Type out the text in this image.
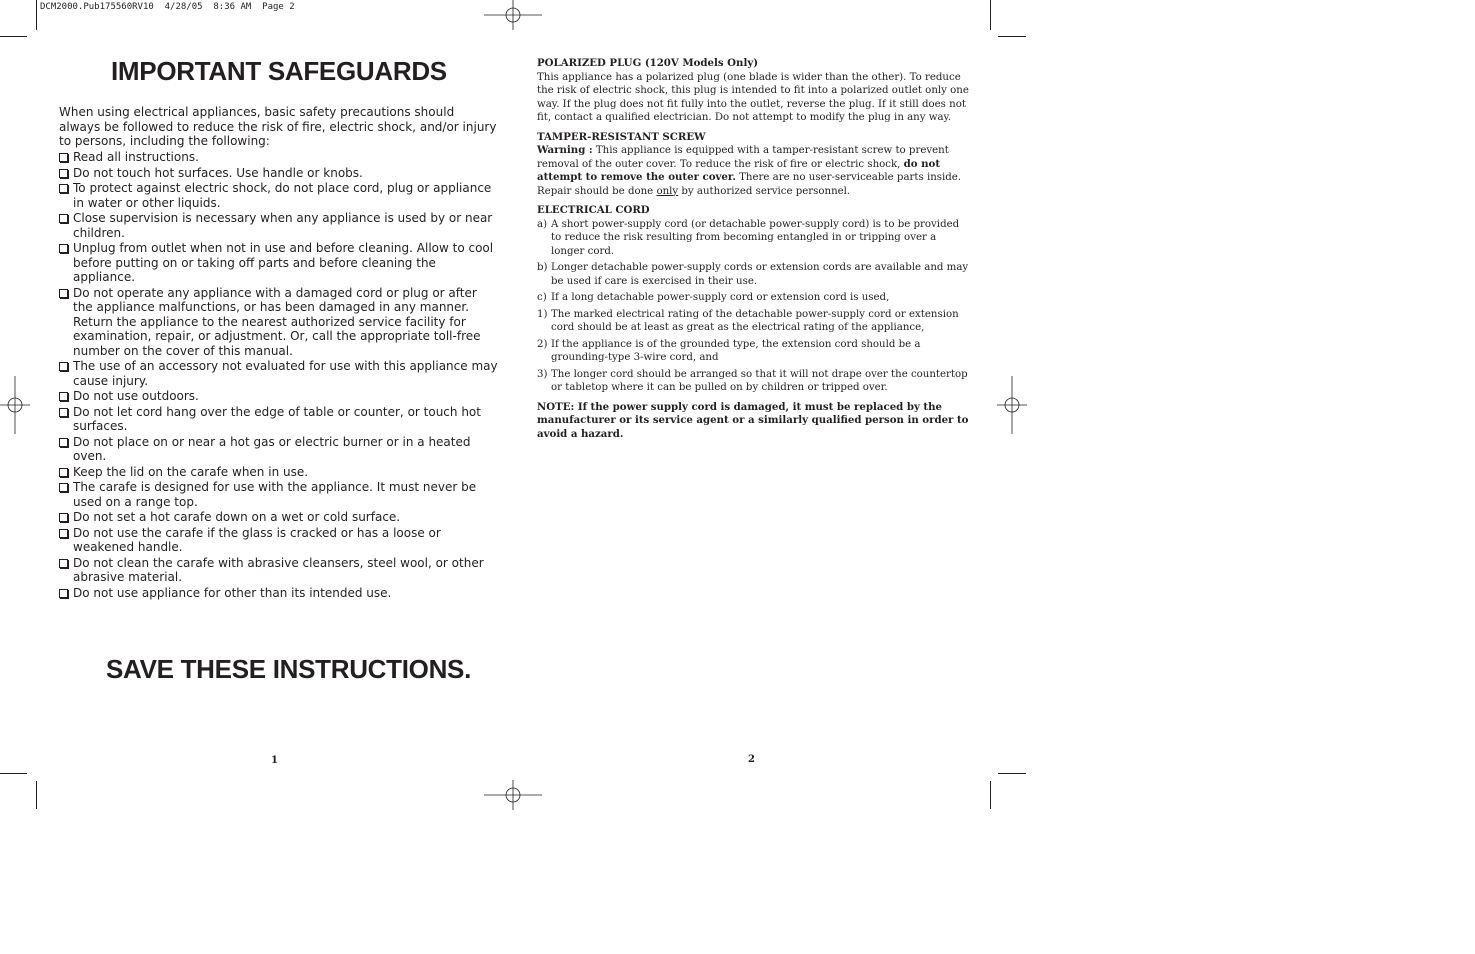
DCM2000.Pub175560RV10  4/28/05  8:36 AM  Page 2
IMPORTANT SAFEGUARDS
When using electrical appliances, basic safety precautions should always be followed to reduce the risk of fire, electric shock, and/or injury to persons, including the following:
Read all instructions.
Do not touch hot surfaces. Use handle or knobs.
To protect against electric shock, do not place cord, plug or appliance in water or other liquids.
Close supervision is necessary when any appliance is used by or near children.
Unplug from outlet when not in use and before cleaning. Allow to cool before putting on or taking off parts and before cleaning the appliance.
Do not operate any appliance with a damaged cord or plug or after the appliance malfunctions, or has been damaged in any manner. Return the appliance to the nearest authorized service facility for examination, repair, or adjustment. Or, call the appropriate toll-free number on the cover of this manual.
The use of an accessory not evaluated for use with this appliance may cause injury.
Do not use outdoors.
Do not let cord hang over the edge of table or counter, or touch hot surfaces.
Do not place on or near a hot gas or electric burner or in a heated oven.
Keep the lid on the carafe when in use.
The carafe is designed for use with the appliance. It must never be used on a range top.
Do not set a hot carafe down on a wet or cold surface.
Do not use the carafe if the glass is cracked or has a loose or weakened handle.
Do not clean the carafe with abrasive cleansers, steel wool, or other abrasive material.
Do not use appliance for other than its intended use.
SAVE THESE INSTRUCTIONS.
1

POLARIZED PLUG (120V Models Only)

This appliance has a polarized plug (one blade is wider than the other). To reduce the risk of electric shock, this plug is intended to fit into a polarized outlet only one way. If the plug does not fit fully into the outlet, reverse the plug. If it still does not fit, contact a qualified electrician. Do not attempt to modify the plug in any way.

TAMPER-RESISTANT SCREW

Warning : This appliance is equipped with a tamper-resistant screw to prevent removal of the outer cover. To reduce the risk of fire or electric shock, do not attempt to remove the outer cover. There are no user-serviceable parts inside. Repair should be done only by authorized service personnel.

ELECTRICAL CORD

a) A short power-supply cord (or detachable power-supply cord) is to be provided to reduce the risk resulting from becoming entangled in or tripping over a longer cord.
b) Longer detachable power-supply cords or extension cords are available and may be used if care is exercised in their use.
c) If a long detachable power-supply cord or extension cord is used,
1) The marked electrical rating of the detachable power-supply cord or extension cord should be at least as great as the electrical rating of the appliance,
2) If the appliance is of the grounded type, the extension cord should be a grounding-type 3-wire cord, and
3) The longer cord should be arranged so that it will not drape over the countertop or tabletop where it can be pulled on by children or tripped over.

NOTE: If the power supply cord is damaged, it must be replaced by the manufacturer or its service agent or a similarly qualified person in order to avoid a hazard.

2
